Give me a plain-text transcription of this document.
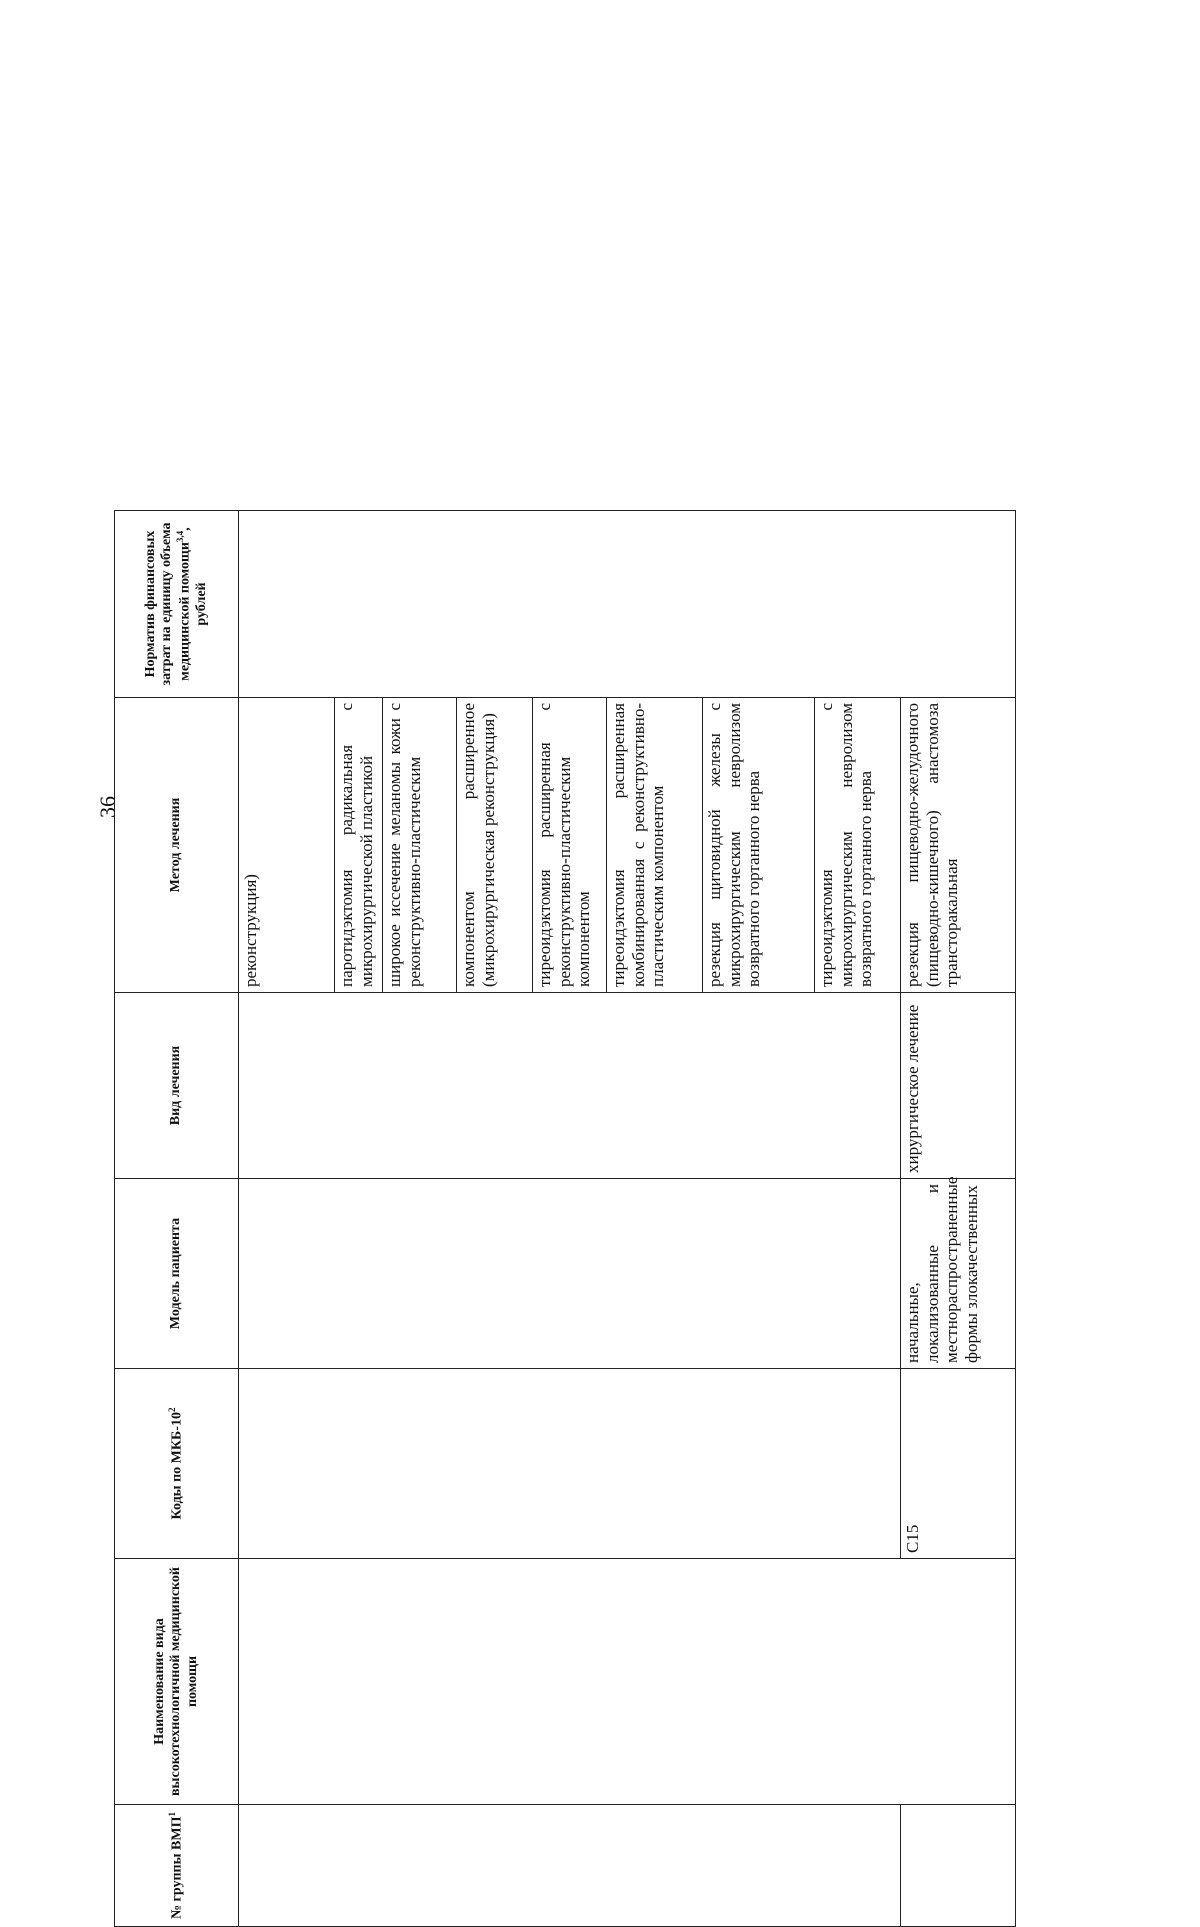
36
№ группы ВМП$^1$	Наименование вида высокотехнологичной медицинской помощи	Коды по МКБ-$10^2$	Модель пациента	Вид лечения	Метод лечения	Норматив финансовых затрат на единицу объема медицинской помощи$^{3,4}$, рублей
					реконструкция)	
					паротидэктомия радикальная с микрохирургической пластикой	
					широкое иссечение меланомы кожи с реконструктивно-пластическим	
					компонентом расширенное (микрохирургическая реконструкция)	
					тиреоидэктомия расширенная с реконструктивно-пластическим компонентом	
					тиреоидэктомия расширенная комбинированная с реконструктивно-пластическим компонентом	
					резекция щитовидной железы с микрохирургическим невролизом возвратного гортанного нерва	
					тиреоидэктомия с микрохирургическим невролизом возвратного гортанного нерва	
		C15	начальные, локализованные и местнораспространенные формы злокачественных	хирургическое лечение	резекция пищеводно-желудочного (пищеводно-кишечного) анастомоза трансторакальная	
